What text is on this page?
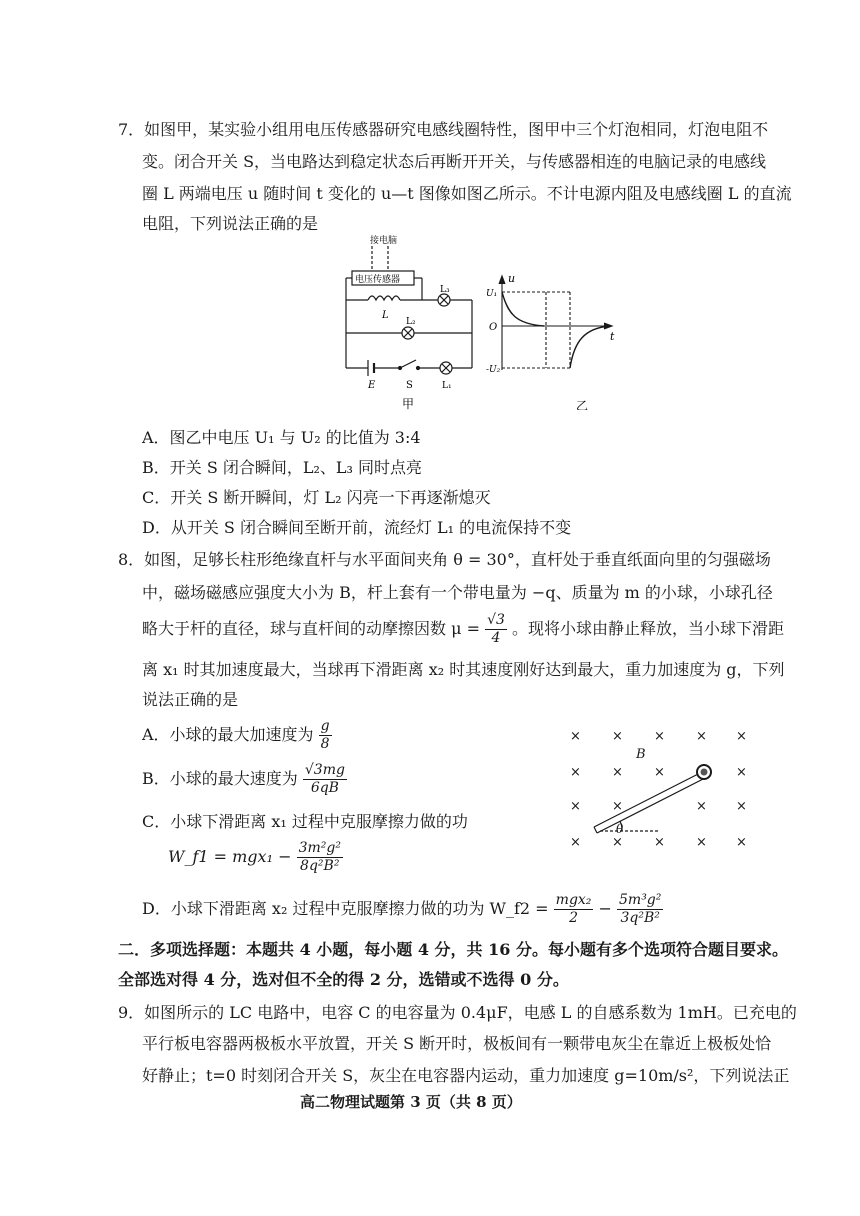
7．如图甲，某实验小组用电压传感器研究电感线圈特性，图甲中三个灯泡相同，灯泡电阻不
变。闭合开关 S，当电路达到稳定状态后再断开开关，与传感器相连的电脑记录的电感线
圈 L 两端电压 u 随时间 t 变化的 u—t 图像如图乙所示。不计电源内阻及电感线圈 L 的直流
电阻，下列说法正确的是
接电脑
电压传感器
L
L₃
L₂
E	S	L₁
甲
u
t
U₁
O
-U₂
乙
A．图乙中电压 U₁ 与 U₂ 的比值为 3:4
B．开关 S 闭合瞬间，L₂、L₃ 同时点亮
C．开关 S 断开瞬间，灯 L₂ 闪亮一下再逐渐熄灭
D．从开关 S 闭合瞬间至断开前，流经灯 L₁ 的电流保持不变
8．如图，足够长柱形绝缘直杆与水平面间夹角 θ = 30°，直杆处于垂直纸面向里的匀强磁场
中，磁场磁感应强度大小为 B，杆上套有一个带电量为 −q、质量为 m 的小球，小球孔径
略大于杆的直径，球与直杆间的动摩擦因数 $\mu = \frac{√3}{4}$ 。现将小球由静止释放，当小球下滑距
离 x₁ 时其加速度最大，当球再下滑距离 x₂ 时其速度刚好达到最大，重力加速度为 g，下列
说法正确的是
A．小球的最大加速度为 $\frac{g}{8}$
B．小球的最大速度为 $\frac{√3mg}{6qB}$
C．小球下滑距离 x₁ 过程中克服摩擦力做的功
W_f1 = $mgx_1 - \frac{\text{3m²g²}}{\text{8q²B²}}$
D．小球下滑距离 x₂ 过程中克服摩擦力做的功为 W_f2 = $\frac{\text{mgx₂}}{2} - \frac{\text{5m³g²}}{\text{3q²B²}}$
× × × × ×
× × ×	×
× ×	× ×
× × × × ×
B
θ
二．多项选择题：本题共 4 小题，每小题 4 分，共 16 分。每小题有多个选项符合题目要求。
全部选对得 4 分，选对但不全的得 2 分，选错或不选得 0 分。
9．如图所示的 LC 电路中，电容 C 的电容量为 0.4μF，电感 L 的自感系数为 1mH。已充电的
平行板电容器两极板水平放置，开关 S 断开时，极板间有一颗带电灰尘在靠近上极板处恰
好静止；t=0 时刻闭合开关 S，灰尘在电容器内运动，重力加速度 g=10m/s²，下列说法正
高二物理试题第 3 页（共 8 页）
